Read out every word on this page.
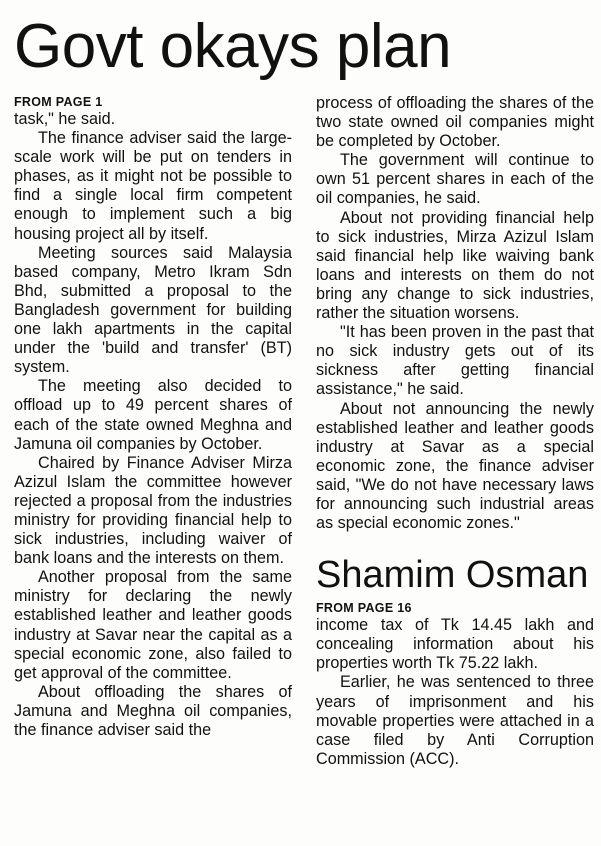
Govt okays plan
FROM PAGE 1

task," he said.

The finance adviser said the large-scale work will be put on tenders in phases, as it might not be possible to find a single local firm competent enough to implement such a big housing project all by itself.

Meeting sources said Malaysia based company, Metro Ikram Sdn Bhd, submitted a proposal to the Bangladesh government for building one lakh apartments in the capital under the 'build and transfer' (BT) system.

The meeting also decided to offload up to 49 percent shares of each of the state owned Meghna and Jamuna oil companies by October.

Chaired by Finance Adviser Mirza Azizul Islam the committee however rejected a proposal from the industries ministry for providing financial help to sick industries, including waiver of bank loans and the interests on them.

Another proposal from the same ministry for declaring the newly established leather and leather goods industry at Savar near the capital as a special economic zone, also failed to get approval of the committee.

About offloading the shares of Jamuna and Meghna oil companies, the finance adviser said the

process of offloading the shares of the two state owned oil companies might be completed by October.

The government will continue to own 51 percent shares in each of the oil companies, he said.

About not providing financial help to sick industries, Mirza Azizul Islam said financial help like waiving bank loans and interests on them do not bring any change to sick industries, rather the situation worsens.

"It has been proven in the past that no sick industry gets out of its sickness after getting financial assistance," he said.

About not announcing the newly established leather and leather goods industry at Savar as a special economic zone, the finance adviser said, "We do not have necessary laws for announcing such industrial areas as special economic zones."

Shamim Osman
FROM PAGE 16

income tax of Tk 14.45 lakh and concealing information about his properties worth Tk 75.22 lakh.

Earlier, he was sentenced to three years of imprisonment and his movable properties were attached in a case filed by Anti Corruption Commission (ACC).
